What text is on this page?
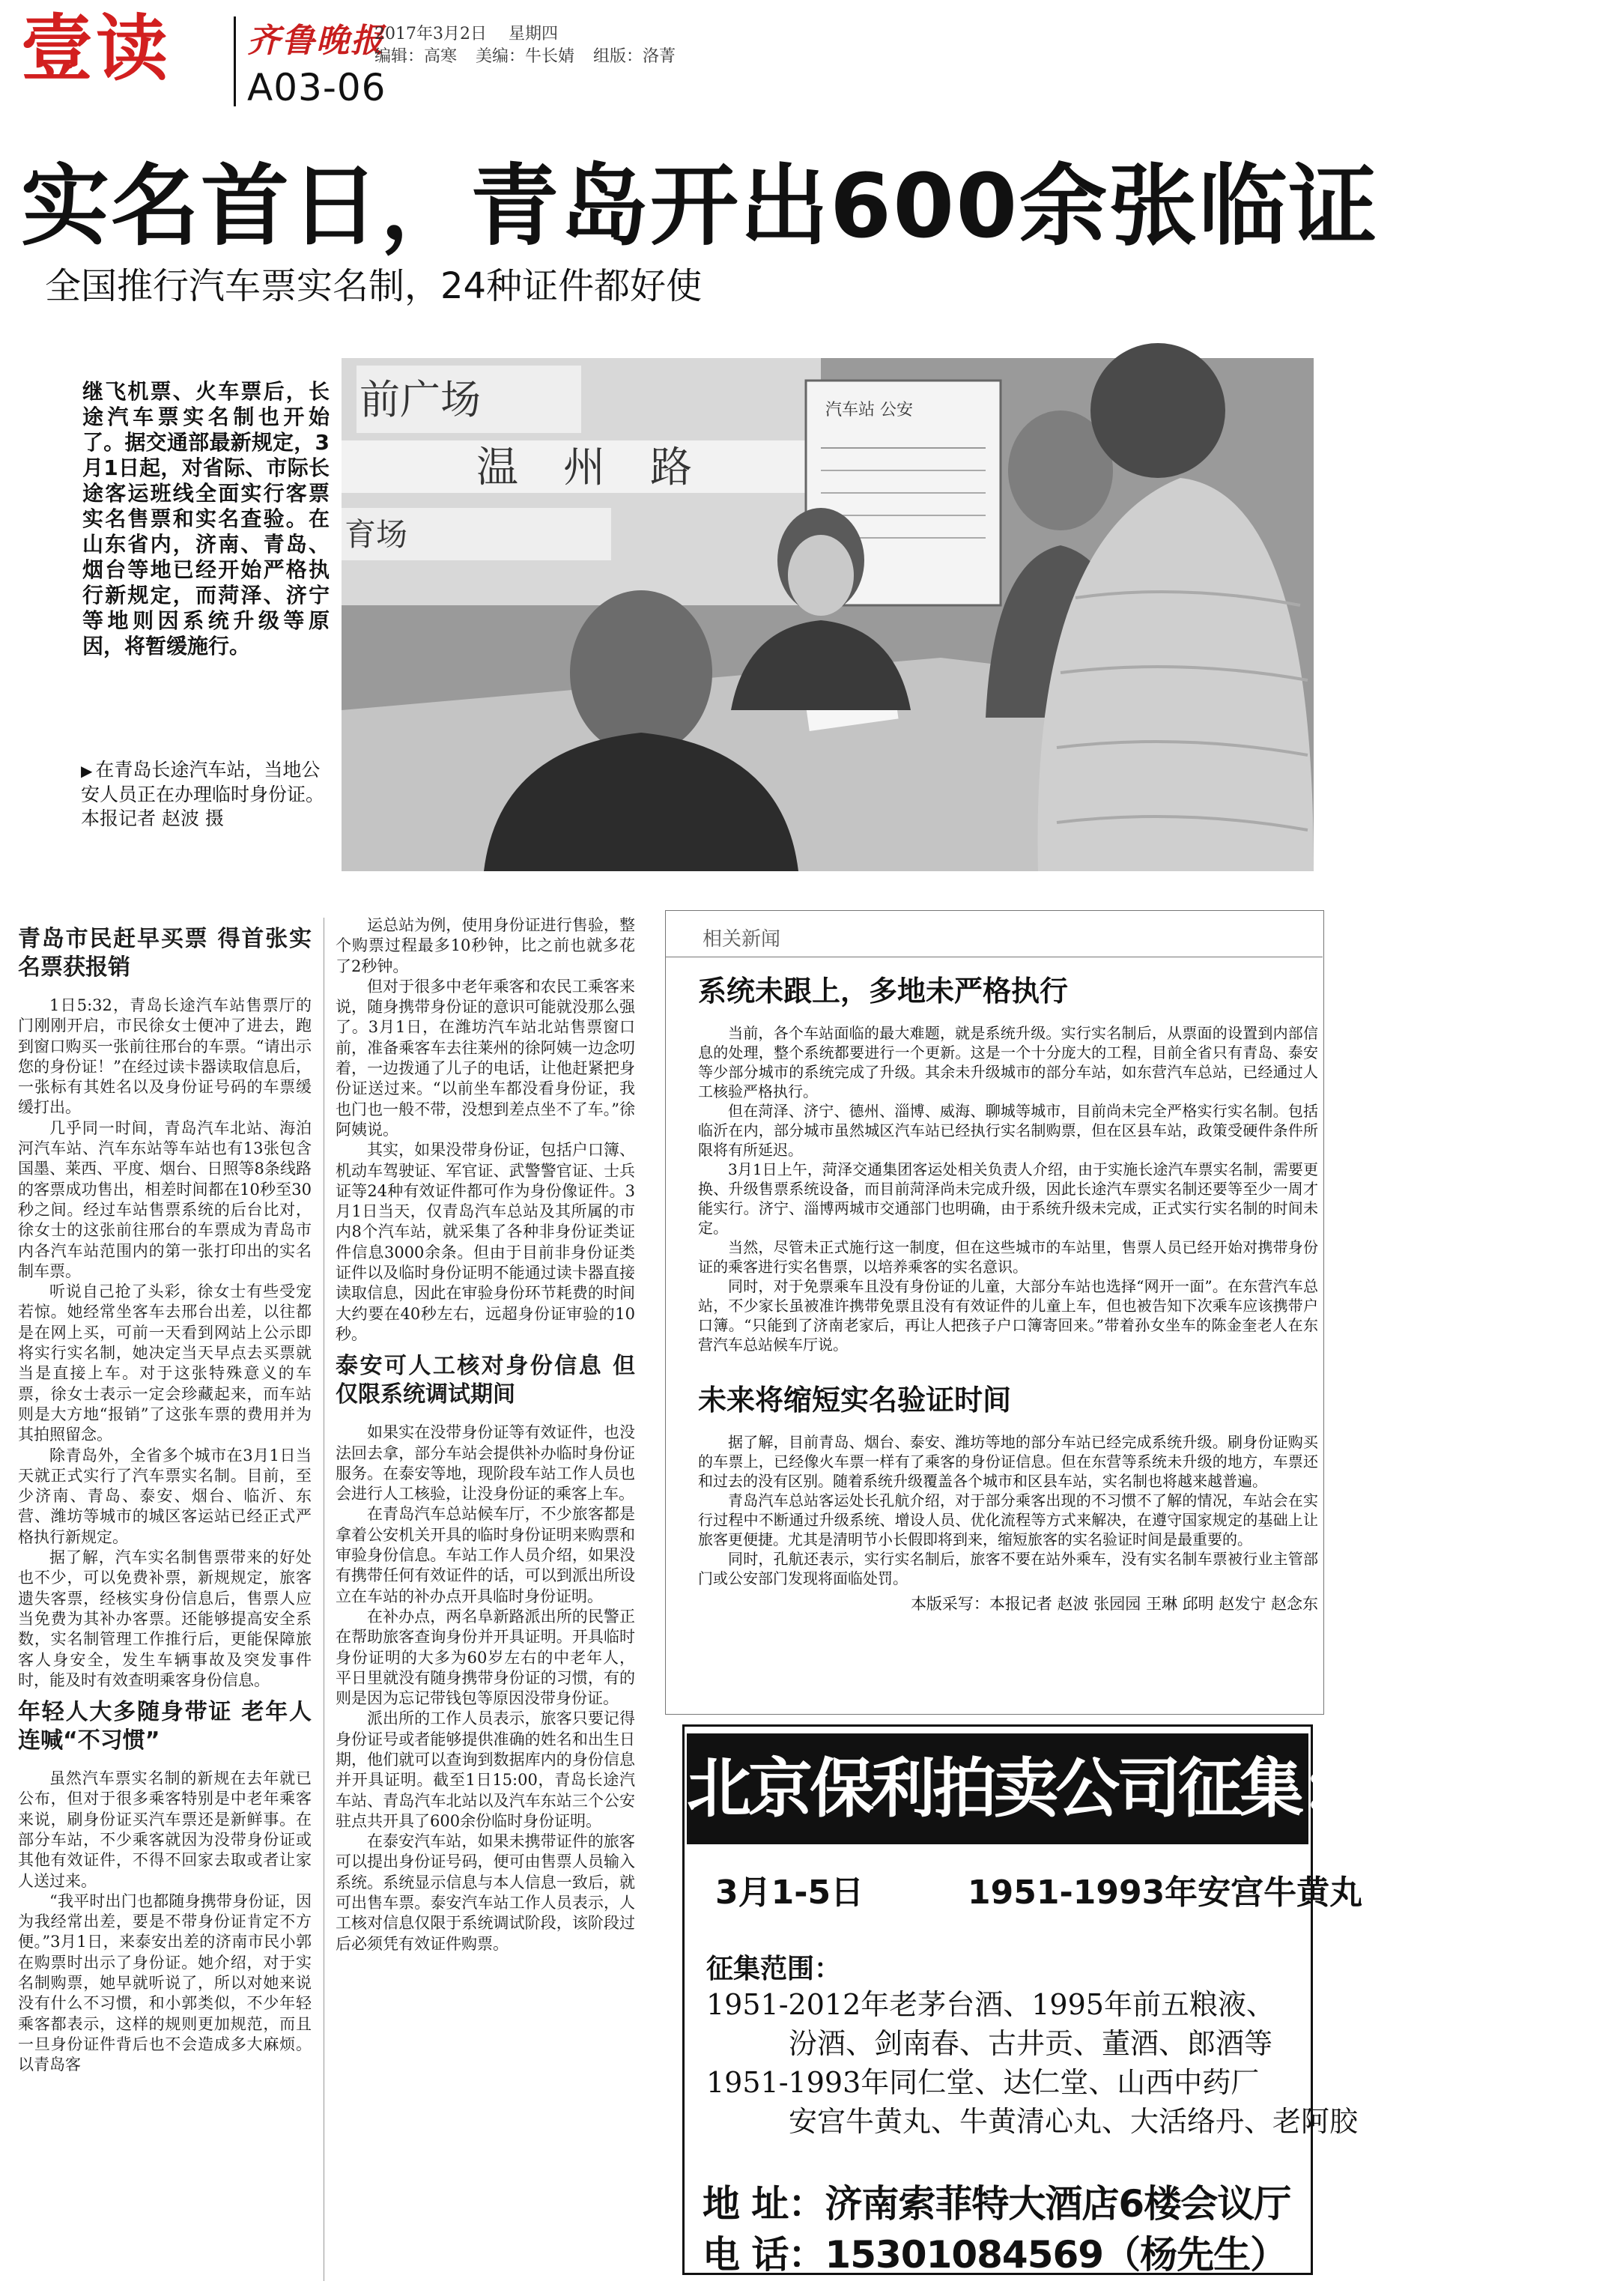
壹读 齐鲁晚报
A03-06
2017年3月2日 星期四
编辑：高寒 美编：牛长婧 组版：洛菁
实名首日，青岛开出600余张临证
全国推行汽车票实名制，24种证件都好使
继飞机票、火车票后，长途汽车票实名制也开始了。据交通部最新规定，3月1日起，对省际、市际长途客运班线全面实行客票实名售票和实名查验。在山东省内，济南、青岛、烟台等地已经开始严格执行新规定，而菏泽、济宁等地则因系统升级等原因，将暂缓施行。
前广场
温州路
育场
汽车站 公安
▶ 在青岛长途汽车站，当地公安人员正在办理临时身份证。
本报记者 赵波 摄
青岛市民赶早买票 得首张实名票获报销

1日5:32，青岛长途汽车站售票厅的门刚刚开启，市民徐女士便冲了进去，跑到窗口购买一张前往邢台的车票。“请出示您的身份证！”在经过读卡器读取信息后，一张标有其姓名以及身份证号码的车票缓缓打出。

几乎同一时间，青岛汽车北站、海泊河汽车站、汽车东站等车站也有13张包含国墨、莱西、平度、烟台、日照等8条线路的客票成功售出，相差时间都在10秒至30秒之间。经过车站售票系统的后台比对，徐女士的这张前往邢台的车票成为青岛市内各汽车站范围内的第一张打印出的实名制车票。

听说自己抢了头彩，徐女士有些受宠若惊。她经常坐客车去邢台出差，以往都是在网上买，可前一天看到网站上公示即将实行实名制，她决定当天早点去买票就当是直接上车。对于这张特殊意义的车票，徐女士表示一定会珍藏起来，而车站则是大方地“报销”了这张车票的费用并为其拍照留念。

除青岛外，全省多个城市在3月1日当天就正式实行了汽车票实名制。目前，至少济南、青岛、泰安、烟台、临沂、东营、潍坊等城市的城区客运站已经正式严格执行新规定。

据了解，汽车实名制售票带来的好处也不少，可以免费补票，新规规定，旅客遗失客票，经核实身份信息后，售票人应当免费为其补办客票。还能够提高安全系数，实名制管理工作推行后，更能保障旅客人身安全，发生车辆事故及突发事件时，能及时有效查明乘客身份信息。

年轻人大多随身带证 老年人连喊“不习惯”

虽然汽车票实名制的新规在去年就已公布，但对于很多乘客特别是中老年乘客来说，刷身份证买汽车票还是新鲜事。在部分车站，不少乘客就因为没带身份证或其他有效证件，不得不回家去取或者让家人送过来。

“我平时出门也都随身携带身份证，因为我经常出差，要是不带身份证肯定不方便。”3月1日，来泰安出差的济南市民小郭在购票时出示了身份证。她介绍，对于实名制购票，她早就听说了，所以对她来说没有什么不习惯，和小郭类似，不少年轻乘客都表示，这样的规则更加规范，而且一旦身份证件背后也不会造成多大麻烦。以青岛客

运总站为例，使用身份证进行售验，整个购票过程最多10秒钟，比之前也就多花了2秒钟。

但对于很多中老年乘客和农民工乘客来说，随身携带身份证的意识可能就没那么强了。3月1日，在潍坊汽车站北站售票窗口前，准备乘客车去往莱州的徐阿姨一边念叨着，一边拨通了儿子的电话，让他赶紧把身份证送过来。“以前坐车都没看身份证，我也门也一般不带，没想到差点坐不了车。”徐阿姨说。

其实，如果没带身份证，包括户口簿、机动车驾驶证、军官证、武警警官证、士兵证等24种有效证件都可作为身份像证件。3月1日当天，仅青岛汽车总站及其所属的市内8个汽车站，就采集了各种非身份证类证件信息3000余条。但由于目前非身份证类证件以及临时身份证明不能通过读卡器直接读取信息，因此在审验身份环节耗费的时间大约要在40秒左右，远超身份证审验的10秒。

泰安可人工核对身份信息 但仅限系统调试期间

如果实在没带身份证等有效证件，也没法回去拿，部分车站会提供补办临时身份证服务。在泰安等地，现阶段车站工作人员也会进行人工核验，让没身份证的乘客上车。

在青岛汽车总站候车厅，不少旅客都是拿着公安机关开具的临时身份证明来购票和审验身份信息。车站工作人员介绍，如果没有携带任何有效证件的话，可以到派出所设立在车站的补办点开具临时身份证明。

在补办点，两名阜新路派出所的民警正在帮助旅客查询身份并开具证明。开具临时身份证明的大多为60岁左右的中老年人，平日里就没有随身携带身份证的习惯，有的则是因为忘记带钱包等原因没带身份证。

派出所的工作人员表示，旅客只要记得身份证号或者能够提供准确的姓名和出生日期，他们就可以查询到数据库内的身份信息并开具证明。截至1日15:00，青岛长途汽车站、青岛汽车北站以及汽车东站三个公安驻点共开具了600余份临时身份证明。

在泰安汽车站，如果未携带证件的旅客可以提出身份证号码，便可由售票人员输入系统。系统显示信息与本人信息一致后，就可出售车票。泰安汽车站工作人员表示，人工核对信息仅限于系统调试阶段，该阶段过后必须凭有效证件购票。

相关新闻
系统未跟上，多地未严格执行

当前，各个车站面临的最大难题，就是系统升级。实行实名制后，从票面的设置到内部信息的处理，整个系统都要进行一个更新。这是一个十分庞大的工程，目前全省只有青岛、泰安等少部分城市的系统完成了升级。其余未升级城市的部分车站，如东营汽车总站，已经通过人工核验严格执行。

但在菏泽、济宁、德州、淄博、威海、聊城等城市，目前尚未完全严格实行实名制。包括临沂在内，部分城市虽然城区汽车站已经执行实名制购票，但在区县车站，政策受硬件条件所限将有所延迟。

3月1日上午，菏泽交通集团客运处相关负责人介绍，由于实施长途汽车票实名制，需要更换、升级售票系统设备，而目前菏泽尚未完成升级，因此长途汽车票实名制还要等至少一周才能实行。济宁、淄博两城市交通部门也明确，由于系统升级未完成，正式实行实名制的时间未定。

当然，尽管未正式施行这一制度，但在这些城市的车站里，售票人员已经开始对携带身份证的乘客进行实名售票，以培养乘客的实名意识。

同时，对于免票乘车且没有身份证的儿童，大部分车站也选择“网开一面”。在东营汽车总站，不少家长虽被准许携带免票且没有有效证件的儿童上车，但也被告知下次乘车应该携带户口簿。“只能到了济南老家后，再让人把孩子户口簿寄回来。”带着孙女坐车的陈金奎老人在东营汽车总站候车厅说。

未来将缩短实名验证时间

据了解，目前青岛、烟台、泰安、潍坊等地的部分车站已经完成系统升级。刷身份证购买的车票上，已经像火车票一样有了乘客的身份证信息。但在东营等系统未升级的地方，车票还和过去的没有区别。随着系统升级覆盖各个城市和区县车站，实名制也将越来越普遍。

青岛汽车总站客运处长孔航介绍，对于部分乘客出现的不习惯不了解的情况，车站会在实行过程中不断通过升级系统、增设人员、优化流程等方式来解决，在遵守国家规定的基础上让旅客更便捷。尤其是清明节小长假即将到来，缩短旅客的实名验证时间是最重要的。

同时，孔航还表示，实行实名制后，旅客不要在站外乘车，没有实名制车票被行业主管部门或公安部门发现将面临处罚。

本版采写：本报记者 赵波 张园园 王琳 邱明 赵发宁 赵念东
北京保利拍卖公司征集：老茅台酒
3月1-5日	1951-1993年安宫牛黄丸
征集范围：
1951-2012年老茅台酒、1995年前五粮液、
汾酒、剑南春、古井贡、董酒、郎酒等
1951-1993年同仁堂、达仁堂、山西中药厂
安宫牛黄丸、牛黄清心丸、大活络丹、老阿胶
地 址：济南索菲特大酒店6楼会议厅
电 话：15301084569（杨先生）
